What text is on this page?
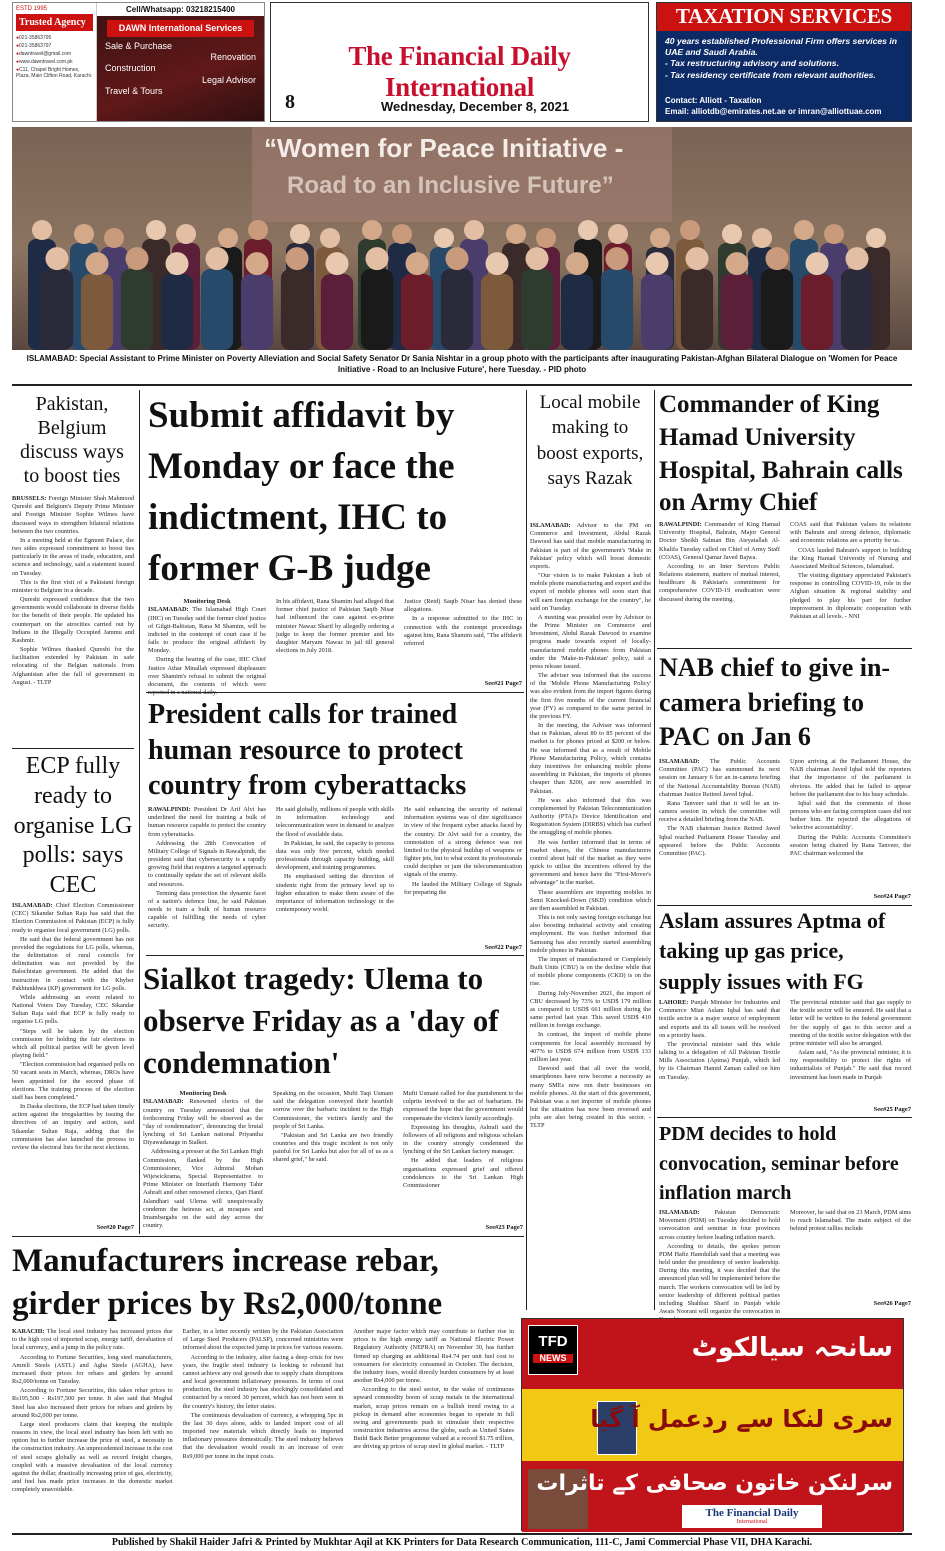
ESTD 1995
Trusted Agency
● 021-35863795
● 021-35863797
● dawntravel@gmail.com
● www.dawntravel.com.pk
● C11, Chapel Bright Homes, Plaza, Main Clifton Road, Karachi.
Cell/Whatsapp: 03218215400
DAWN International Services
Sale & Purchase
Renovation
Construction
Legal Advisor
Travel & Tours
The Financial Daily International
8	Wednesday, December 8, 2021
TAXATION SERVICES
40 years established Professional Firm offers services in UAE and Saudi Arabia.
- Tax restructuring advisory and solutions.
- Tax residency certificate from relevant authorities.
Contact: Alliott - Taxation
Email: alliotdb@emirates.net.ae or imran@alliottuae.com
“Women for Peace Initiative -
Road to an Inclusive Future”
ISLAMABAD: Special Assistant to Prime Minister on Poverty Alleviation and Social Safety Senator Dr Sania Nishtar in a group photo with the participants after inaugurating Pakistan-Afghan Bilateral Dialogue on 'Women for Peace Initiative - Road to an Inclusive Future', here Tuesday. - PID photo
Pakistan, Belgium discuss ways to boost ties

BRUSSELS: Foreign Minister Shah Mahmood Qureshi and Belgium's Deputy Prime Minister and Foreign Minister Sophie Wilmes have discussed ways to strengthen bilateral relations between the two countries.

In a meeting held at the Egmont Palace, the two sides expressed commitment to boost ties particularly in the areas of trade, education, and science and technology, said a statement issued on Tuesday.

This is the first visit of a Pakistani foreign minister to Belgium in a decade.

Qureshi expressed confidence that the two governments would collaborate in diverse fields for the benefit of their people. He updated his counterpart on the atrocities carried out by Indians in the Illegally Occupied Jammu and Kashmir.

Sophie Wilmes thanked Qureshi for the facilitation extended by Pakistan in safe relocating of the Belgian nationals from Afghanistan after the fall of government in August. - TLTP

ECP fully ready to organise LG polls: says CEC

ISLAMABAD: Chief Election Commissioner (CEC) Sikandar Sultan Raja has said that the Election Commission of Pakistan (ECP) is fully ready to organise local government (LG) polls.

He said that the federal government has not provided the regulations for LG polls, whereas, the delimitation of rural councils for delimitation was not provided by the Balochistan government. He added that the instruction in contact with the Khyber Pakhtunkhwa (KP) government for LG polls.

While addressing an event related to National Voters Day Tuesday, CEC Sikandar Sultan Raja said that ECP is fully ready to organise LG polls.

"Steps will be taken by the election commission for holding the fair elections in which all political parties will be given level playing field."

"Election commission had organised polls on 50 vacant seats in March, whereas, DROs have been appointed for the second phase of elections. The training process of the election staff has been completed."

In Daska elections, the ECP had taken timely action against the irregularities by issuing the directives of an inquiry and action, said Sikandar Sultan Raja, adding that the commission has also launched the process to review the electoral lists for the next elections.

See#20 Page7
Submit affidavit by Monday or face the indictment, IHC to former G-B judge
Monitoring Desk

ISLAMABAD: The Islamabad High Court (IHC) on Tuesday said the former chief justice of Gilgit-Baltistan, Rana M Shamim, will be indicted in the contempt of court case if he fails to produce the original affidavit by Monday.

During the hearing of the case, IHC Chief Justice Athar Minallah expressed displeasure over Shamim's refusal to submit the original document, the contents of which were

In his affidavit, Rana Shamim had alleged that former chief justice of Pakistan Saqib Nisar had influenced the case against ex-prime minister Nawaz Sharif by allegedly ordering a judge to keep the former premier and his daughter Maryam Nawaz in jail till general elections in July 2018.

Justice (Retd) Saqib Nisar has denied these allegations.

In a response submitted to the IHC in connection with the contempt proceedings against him, Rana Shamim said, "The affidavit referred

See#21 Page7
President calls for trained human resource to protect country from cyberattacks

RAWALPINDI: President Dr Arif Alvi has underlined the need for training a bulk of human resource capable to protect the country from cyberattacks.

Addressing the 28th Convocation of Military College of Signals in Rawalpindi, the president said that cybersecurity is a rapidly growing field that requires a targeted approach to continually update the set of relevant skills and resources.

Terming data protection the dynamic facet of a nation's defence line, he said Pakistan needs to train a bulk of human resource capable of fulfilling the needs of cyber security.

He said globally, millions of people with skills in information technology and telecommunication were in demand to analyze the flood of available data.

In Pakistan, he said, the capacity to process data was only five percent, which needed professionals through capacity building, skill development, and training programmes.

He emphasised setting the direction of students right from the primary level up to higher education to make them aware of the importance of information technology in the contemporary world.

He said enhancing the security of national information systems was of dire significance in view of the frequent cyber attacks faced by the country. Dr Alvi said for a country, the connotation of a strong defence was not limited to the physical buildup of weapons or fighter jets, but to what extent its professionals could decipher or jam the telecommunication signals of the enemy.

He lauded the Military College of Signals for preparing the

See#22 Page7
Sialkot tragedy: Ulema to observe Friday as a 'day of condemnation'
Monitoring Desk

ISLAMABAD: Renowned clerics of the country on Tuesday announced that the forthcoming Friday will be observed as the "day of condemnation", denouncing the brutal lynching of Sri Lankan national Priyantha Diyawadanage in Sialkot.

Addressing a presser at the Sri Lankan High Commission, flanked by the High Commissioner, Vice Admiral Mohan Wijewickrama, Special Representative to Prime Minister on Interfaith Harmony Tahir Ashrafi and other renowned clerics, Qari Hanif Jalandhari said Ulema will unequivocally condemn the heinous act, at mosques and Imambargahs on the said day across the country.

Speaking on the occasion, Mufti Taqi Usmani said the delegation conveyed their heartfelt sorrow over the barbaric incident to the High Commissioner, the victim's family and the people of Sri Lanka.

"Pakistan and Sri Lanka are two friendly countries and this tragic incident is not only painful for Sri Lanka but also for all of us as a shared grief," he said.

Mufti Usmani called for due punishment to the culprits involved in the act of barbarism. He expressed the hope that the government would compensate the victim's family accordingly.

Expressing his thoughts, Ashrafi said the followers of all religions and religious scholars in the country strongly condemned the lynching of the Sri Lankan factory manager.

He added that leaders of religious organisations expressed grief and offered condolences to the Sri Lankan High Commissioner

See#23 Page7
Local mobile making to boost exports, says Razak

ISLAMABAD: Advisor to the PM on Commerce and Investment, Abdul Razak Dawood has said that mobile manufacturing in Pakistan is part of the government's 'Make in Pakistan' policy which will boost domestic exports.

"Our vision is to make Pakistan a hub of mobile phone manufacturing and export and the export of mobile phones will soon start that will earn foreign exchange for the country", he said on Tuesday.

A meeting was presided over by Advisor to the Prime Minister on Commerce and Investment, Abdul Razak Dawood to examine progress made towards export of locally-manufactured mobile phones from Pakistan under the 'Make-in-Pakistan' policy, said a press release issued.

The adviser was informed that the success of the 'Mobile Phone Manufacturing Policy' was also evident from the import figures during the first five months of the current financial year (FY) as compared to the same period in the previous FY.

In the meeting, the Adviser was informed that in Pakistan, about 80 to 85 percent of the market is for phones priced at $200 or below. He was informed that as a result of Mobile Phone Manufacturing Policy, which contains duty incentives for enhancing mobile phone assembling in Pakistan, the imports of phones cheaper than $200, are now assembled in Pakistan.

He was also informed that this was complemented by Pakistan Telecommunication Authority (PTA)'s Device Identification and Registration System (DIRBS) which has curbed the smuggling of mobile phones.

He was further informed that in terms of market shares, the Chinese manufacturers control about half of the market as they were quick to utilise the incentives offered by the government and hence have the "First-Mover's advantage" in the market.

These assemblers are importing mobiles in Semi Knocked-Down (SKD) condition which are then assembled in Pakistan.

This is not only saving foreign exchange but also boosting industrial activity and creating employment. He was further informed that Samsung has also recently started assembling mobile phones in Pakistan.

The import of manufactured or Completely Built Units (CBU) is on the decline while that of mobile phone components (CKD) is on the rise.

During July-November 2021, the import of CBU decreased by 73% to USD$ 179 million as compared to USD$ 661 million during the same period last year. This saved USD$ 410 million in foreign exchange.

In contrast, the import of mobile phone components for local assembly increased by 407% to USD$ 674 million from USD$ 133 million last year.

Dawood said that all over the world, smartphones have now become a necessity as many SMEs now run their businesses on mobile phones. At the start of this government, Pakistan was a net importer of mobile phones but the situation has now been reversed and jobs are also being created in this sector. - TLTP

Commander of King Hamad University Hospital, Bahrain calls on Army Chief

RAWALPINDI: Commander of King Hamad University Hospital, Bahrain, Major General Doctor Sheikh Salman Bin Ateyatallah Al-Khalifa Tuesday called on Chief of Army Staff (COAS), General Qamar Javed Bajwa.

According to an Inter Services Public Relations statement, matters of mutual interest, healthcare & Pakistan's commitment for comprehensive COVID-19 eradication were discussed during the meeting.

COAS said that Pakistan values its relations with Bahrain and strong defence, diplomatic and economic relations are a priority for us.

COAS lauded Bahrain's support to building the King Hamad University of Nursing and Associated Medical Sciences, Islamabad.

The visiting dignitary appreciated Pakistan's response in controlling COVID-19, role in the Afghan situation & regional stability and pledged to play his part for further improvement in diplomatic cooperation with Pakistan at all levels. - NNI

NAB chief to give in-camera briefing to PAC on Jan 6

ISLAMABAD: The Public Accounts Committee (PAC) has summoned its next session on January 6 for an in-camera briefing of the National Accountability Bureau (NAB) chairman Justice Retired Javed Iqbal.

Rana Tanveer said that it will be an in-camera session in which the committee will receive a detailed briefing from the NAB.

The NAB chairman Justice Retired Javed Iqbal reached Parliament House Tuesday and appeared before the Public Accounts Committee (PAC).

Upon arriving at the Parliament House, the NAB chairman Javed Iqbal told the reporters that the importance of the parliament is obvious. He added that he failed to appear before the parliament due to his busy schedule.

Iqbal said that the comments of those persons who are facing corruption cases did not bother him. He rejected the allegations of 'selective accountability'.

During the Public Accounts Committee's session being chaired by Rana Tanveer, the PAC chairman welcomed the

See#24 Page7
Aslam assures Aptma of taking up gas price, supply issues with FG

LAHORE: Punjab Minister for Industries and Commerce Mian Aslam Iqbal has said that textile sector is a major source of employment and exports and its all issues will be resolved on a priority basis.

The provincial minister said this while talking to a delegation of All Pakistan Textile Mills Association (Aptma) Punjab, which led by its Chairman Hamid Zaman called on him on Tuesday.

The provincial minister said that gas supply to the textile sector will be ensured. He said that a letter will be written to the federal government for the supply of gas to this sector and a meeting of the textile sector delegation with the prime minister will also be arranged.

Aslam said, "As the provincial minister, it is my responsibility to protect the rights of industrialists of Punjab." He said that record investment has been made in Punjab

See#25 Page7
PDM decides to hold convocation, seminar before inflation march

ISLAMABAD: Pakistan Democratic Movement (PDM) on Tuesday decided to hold convocation and seminar in four provinces across country before leading inflation march.

According to details, the spokes person PDM Hafiz Hamdullah said that a meeting was held under the presidency of senior leadership. During this meeting, it was decided that the announced plan will be implemented before the march. The workers convocation will be led by senior leadership of different political parties including Shahbaz Sharif in Punjab while Awais Noorani will organize the convocation in

Moreover, he said that on 23 March, PDM aims to reach Islamabad. The main subject of the behind protest rallies include

See#26 Page7
Manufacturers increase rebar, girder prices by Rs2,000/tonne

KARACHI: The local steel industry has increased prices due to the high cost of imported scrap, energy tariff, devaluation of local currency, and a jump in the policy rate.

According to Fortune Securities, long steel manufacturers, Amreli Steels (ASTL) and Agha Steels (AGHA), have increased their prices for rebars and girders by around Rs2,000/tonne on Tuesday.

According to Fortune Securities, this takes rebar prices to Rs195,500 - Rs197,500 per tonne. It also said that Mughal Steel has also increased their prices for rebars and girders by around Rs2,000 per tonne.

Large steel producers claim that keeping the multiple reasons in view, the local steel industry has been left with no option but to further increase the price of steel, a necessity in the construction industry. An unprecedented increase in the cost of steel scraps globally as well as record freight charges, coupled with a massive devaluation of the local currency against the dollar, drastically increasing price of gas, electricity, and fuel has made price increases in the domestic market completely unavoidable.

Earlier, in a letter recently written by the Pakistan Association of Large Steel Producers (PALSP), concerned ministries were informed about the expected jump in prices for various reasons.

According to the industry, after facing a deep crisis for two years, the fragile steel industry is looking to rebound but cannot achieve any real growth due to supply chain disruptions and local government inflationary pressures. In terms of cost production, the steel industry has shockingly consolidated and contracted by a record 30 percent, which has not been seen in the country's history, the letter states.

The continuous devaluation of currency, a whopping 5pc in the last 30 days alone, adds to landed import cost of all imported raw materials which directly leads to imported inflationary pressures domestically. The steel industry believes that the devaluation would result in an increase of over Rs9,000 per tonne in the input costs.

Another major factor which may contribute to further rise in prices is the high energy tariff as National Electric Power Regulatory Authority (NEPRA) on November 30, has further firmed up charging an additional Rs4.74 per unit fuel cost to consumers for electricity consumed in October. The decision, the industry fears, would directly burden consumers by at least another Rs4,000 per tonne.

According to the steel sector, in the wake of continuous upward commodity boom of scrap metals in the international market, scrap prices remain on a bullish trend owing to a pickup in demand after economies began to operate in full swing and governments push to stimulate their respective construction industries across the globe, such as United States Build Back Better programme valued at a record $1.75 trillion, are driving up prices of scrap steel in global market. - TLTP

TFD
NEWS	سانحہ سیالکوٹ
سری لنکا سے ردعمل آ گیا
سرلنکن خاتون صحافی کے تاثرات
The Financial Daily
International
Published by Shakil Haider Jafri & Printed by Mukhtar Aqil at KK Printers for Data Research Communication, 111-C, Jami Commercial Phase VII, DHA Karachi.
